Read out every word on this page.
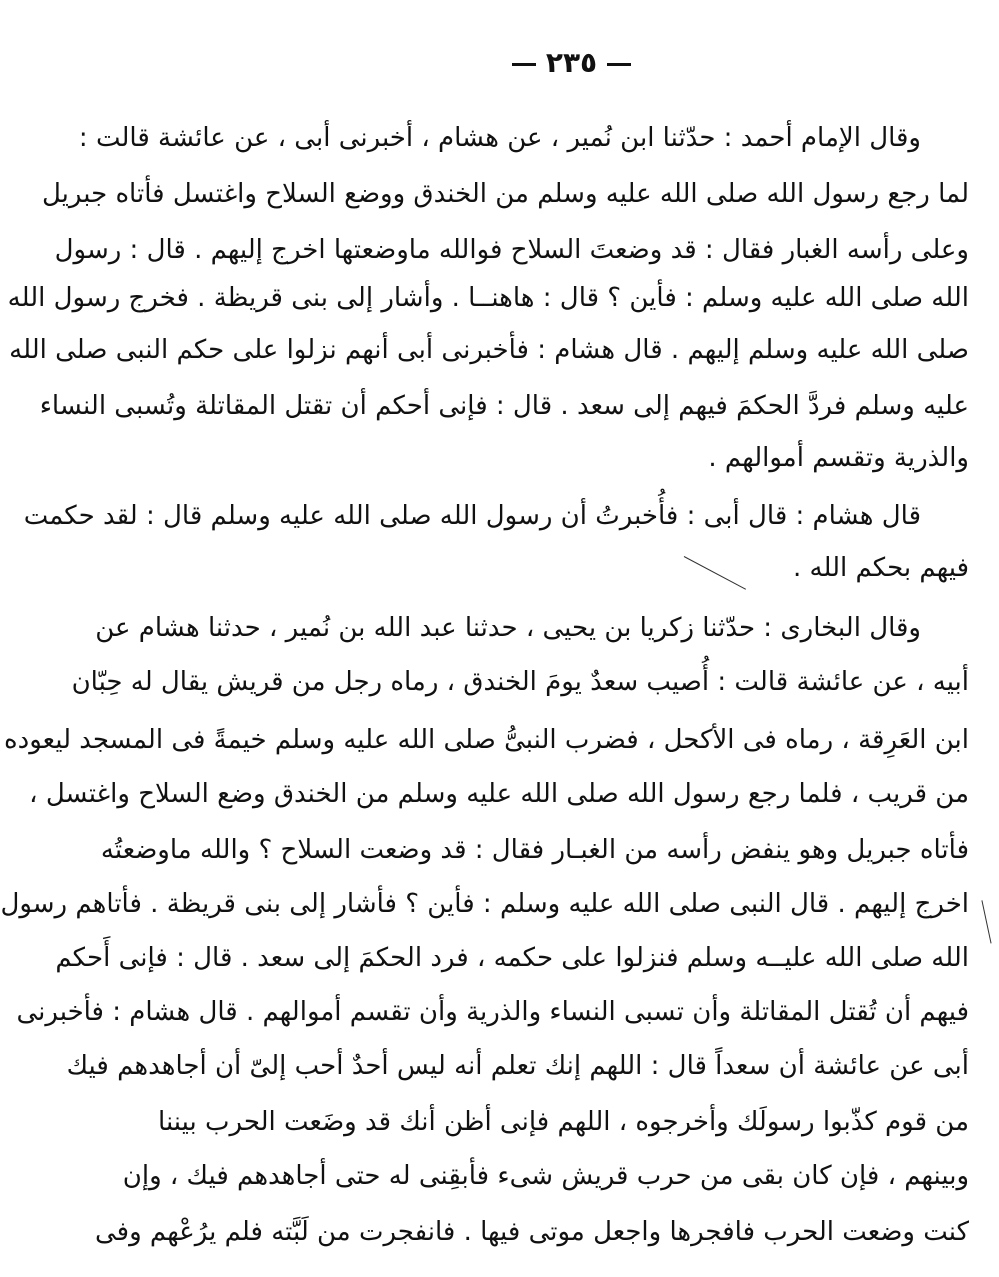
٢٣٥
وقال الإمام أحمد : حدّثنا ابن نُمير ، عن هشام ، أخبرنى أبى ، عن عائشة قالت :
لما رجع رسول الله صلى الله عليه وسلم من الخندق ووضع السلاح واغتسل فأتاه جبريل
وعلى رأسه الغبار فقال : قد وضعتَ السلاح فوالله ماوضعتها اخرج إليهم . قال : رسول
الله صلى الله عليه وسلم : فأين ؟ قال : هاهنــا . وأشار إلى بنى قريظة . فخرج رسول الله
صلى الله عليه وسلم إليهم . قال هشام : فأخبرنى أبى أنهم نزلوا على حكم النبى صلى الله
عليه وسلم فردَّ الحكمَ فيهم إلى سعد . قال : فإنى أحكم أن تقتل المقاتلة وتُسبى النساء
والذرية وتقسم أموالهم .
قال هشام : قال أبى : فأُخبرتُ أن رسول الله صلى الله عليه وسلم قال : لقد حكمت
فيهم بحكم الله .
وقال البخارى : حدّثنا زكريا بن يحيى ، حدثنا عبد الله بن نُمير ، حدثنا هشام عن
أبيه ، عن عائشة قالت : أُصيب سعدٌ يومَ الخندق ، رماه رجل من قريش يقال له حِبّان
ابن العَرِقة ، رماه فى الأكحل ، فضرب النبىُّ صلى الله عليه وسلم خيمةً فى المسجد ليعوده
من قريب ، فلما رجع رسول الله صلى الله عليه وسلم من الخندق وضع السلاح واغتسل ،
فأتاه جبريل وهو ينفض رأسه من الغبـار فقال : قد وضعت السلاح ؟ والله ماوضعتُه
اخرج إليهم . قال النبى صلى الله عليه وسلم : فأين ؟ فأشار إلى بنى قريظة . فأتاهم رسول
الله صلى الله عليــه وسلم فنزلوا على حكمه ، فرد الحكمَ إلى سعد . قال : فإنى أَحكم
فيهم أن تُقتل المقاتلة وأن تسبى النساء والذرية وأن تقسم أموالهم . قال هشام : فأخبرنى
أبى عن عائشة أن سعداً قال : اللهم إنك تعلم أنه ليس أحدٌ أحب إلىّ أن أجاهدهم فيك
من قوم كذّبوا رسولَك وأخرجوه ، اللهم فإنى أظن أنك قد وضَعت الحرب بيننا
وبينهم ، فإن كان بقى من حرب قريش شىء فأبقِنى له حتى أجاهدهم فيك ، وإن
كنت وضعت الحرب فافجرها واجعل موتى فيها . فانفجرت من لَبَّته فلم يرُعْهم وفى
